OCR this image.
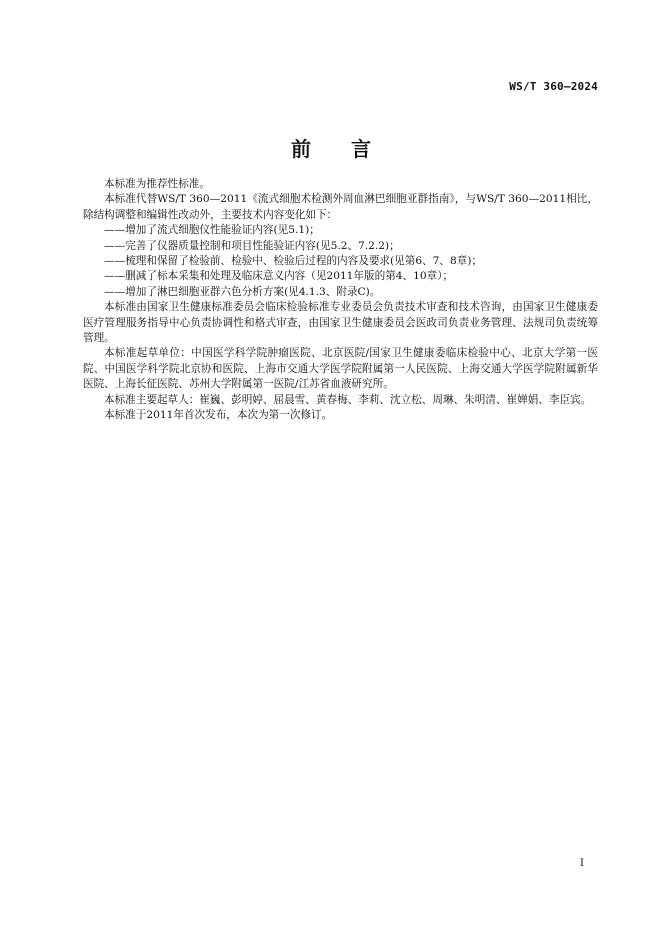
WS/T 360—2024
前　　言

本标准为推荐性标准。

本标准代替WS/T 360—2011《流式细胞术检测外周血淋巴细胞亚群指南》，与WS/T 360—2011相比，除结构调整和编辑性改动外，主要技术内容变化如下：

——增加了流式细胞仪性能验证内容(见5.1)；

——完善了仪器质量控制和项目性能验证内容(见5.2、7.2.2)；

——梳理和保留了检验前、检验中、检验后过程的内容及要求(见第6、7、8章)；

——删减了标本采集和处理及临床意义内容（见2011年版的第4、10章）；

——增加了淋巴细胞亚群六色分析方案(见4.1.3、附录C)。

本标准由国家卫生健康标准委员会临床检验标准专业委员会负责技术审查和技术咨询，由国家卫生健康委医疗管理服务指导中心负责协调性和格式审查，由国家卫生健康委员会医政司负责业务管理、法规司负责统筹管理。

本标准起草单位：中国医学科学院肿瘤医院、北京医院/国家卫生健康委临床检验中心、北京大学第一医院、中国医学科学院北京协和医院、上海市交通大学医学院附属第一人民医院、上海交通大学医学院附属新华医院、上海长征医院、苏州大学附属第一医院/江苏省血液研究所。

本标准主要起草人：崔巍、彭明婷、屈晨雪、黄春梅、李莉、沈立松、周琳、朱明清、崔婵娟、李臣宾。

本标准于2011年首次发布，本次为第一次修订。

I
